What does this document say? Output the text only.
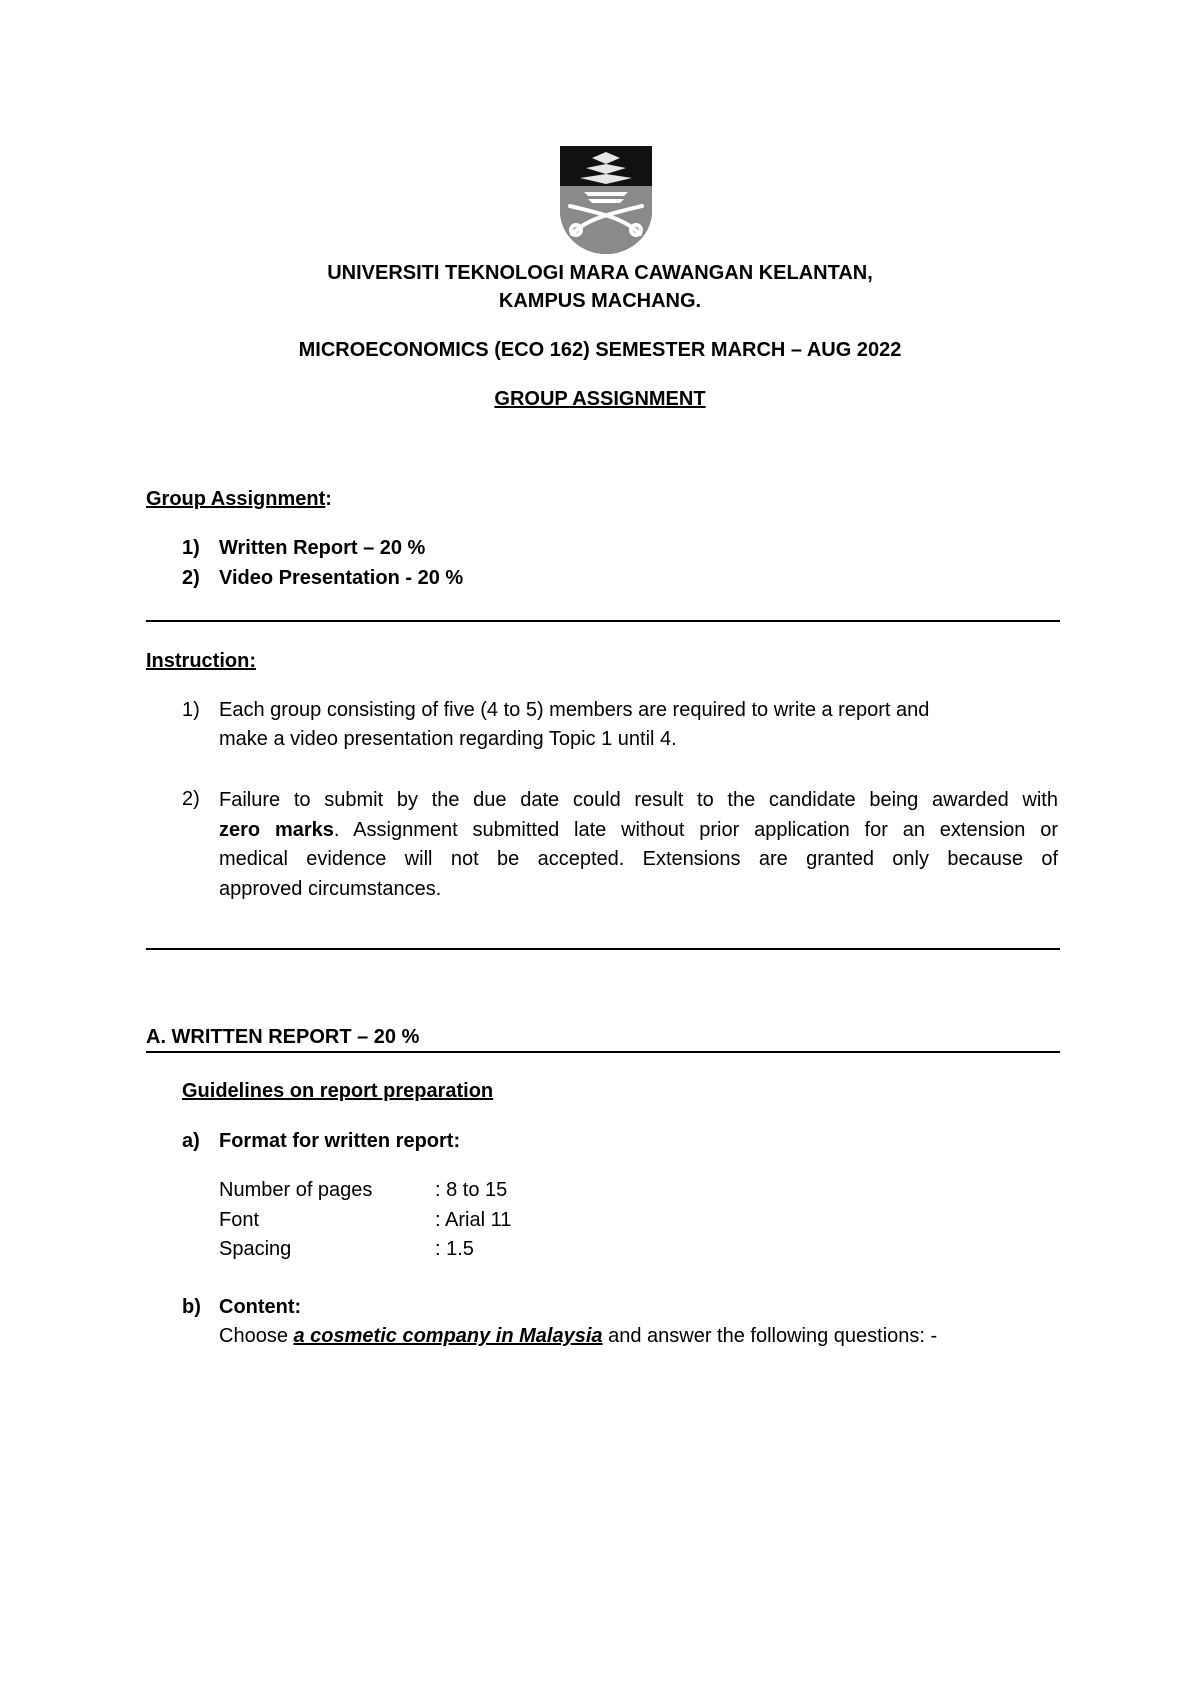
UNIVERSITI TEKNOLOGI MARA CAWANGAN KELANTAN,
KAMPUS MACHANG.
MICROECONOMICS (ECO 162) SEMESTER MARCH – AUG 2022
GROUP ASSIGNMENT
Group Assignment:
1) Written Report – 20 %
2) Video Presentation - 20 %
Instruction:
1) Each group consisting of five (4 to 5) members are required to write a report and
make a video presentation regarding Topic 1 until 4.
2) Failure to submit by the due date could result to the candidate being awarded with
zero marks. Assignment submitted late without prior application for an extension or
medical evidence will not be accepted. Extensions are granted only because of
approved circumstances.
A. WRITTEN REPORT – 20 %
Guidelines on report preparation
a) Format for written report:
Number of pages	: 8 to 15
Font	: Arial 11
Spacing	: 1.5
b) Content:
Choose a cosmetic company in Malaysia and answer the following questions: -
